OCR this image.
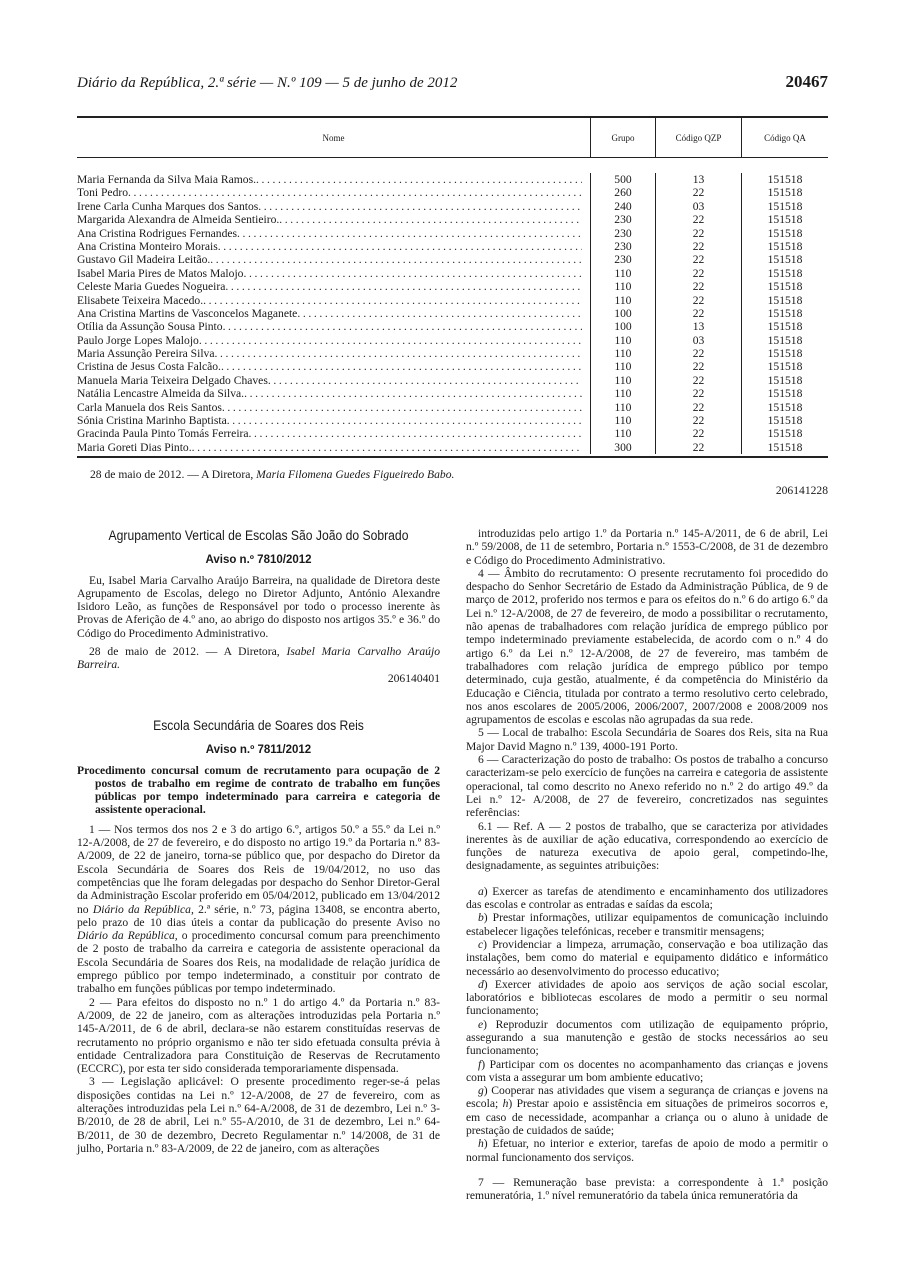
Diário da República, 2.ª série — N.º 109 — 5 de junho de 2012	20467
Nome	Grupo	Código QZP	Código QA
Maria Fernanda da Silva Maia Ramos. .....	500	13	151518
Toni Pedro .....	260	22	151518
Irene Carla Cunha Marques dos Santos .....	240	03	151518
Margarida Alexandra de Almeida Sentieiro. .....	230	22	151518
Ana Cristina Rodrigues Fernandes .....	230	22	151518
Ana Cristina Monteiro Morais .....	230	22	151518
Gustavo Gil Madeira Leitão. .....	230	22	151518
Isabel Maria Pires de Matos Malojo .....	110	22	151518
Celeste Maria Guedes Nogueira .....	110	22	151518
Elisabete Teixeira Macedo. .....	110	22	151518
Ana Cristina Martins de Vasconcelos Maganete .....	100	22	151518
Otília da Assunção Sousa Pinto .....	100	13	151518
Paulo Jorge Lopes Malojo .....	110	03	151518
Maria Assunção Pereira Silva .....	110	22	151518
Cristina de Jesus Costa Falcão. .....	110	22	151518
Manuela Maria Teixeira Delgado Chaves .....	110	22	151518
Natália Lencastre Almeida da Silva. .....	110	22	151518
Carla Manuela dos Reis Santos .....	110	22	151518
Sónia Cristina Marinho Baptista .....	110	22	151518
Gracinda Paula Pinto Tomás Ferreira .....	110	22	151518
Maria Goreti Dias Pinto. .....	300	22	151518
28 de maio de 2012. — A Diretora, Maria Filomena Guedes Figueiredo Babo.
206141228
Agrupamento Vertical de Escolas São João do Sobrado
Aviso n.º 7810/2012

Eu, Isabel Maria Carvalho Araújo Barreira, na qualidade de Diretora deste Agrupamento de Escolas, delego no Diretor Adjunto, António Alexandre Isidoro Leão, as funções de Responsável por todo o processo inerente às Provas de Aferição de 4.º ano, ao abrigo do disposto nos artigos 35.º e 36.º do Código do Procedimento Administrativo.

28 de maio de 2012. — A Diretora, Isabel Maria Carvalho Araújo Barreira.

206140401

Escola Secundária de Soares dos Reis
Aviso n.º 7811/2012

Procedimento concursal comum de recrutamento para ocupação de 2 postos de trabalho em regime de contrato de trabalho em funções públicas por tempo indeterminado para carreira e categoria de assistente operacional.

1 — Nos termos dos nos 2 e 3 do artigo 6.º, artigos 50.º a 55.º da Lei n.º 12-A/2008, de 27 de fevereiro, e do disposto no artigo 19.º da Portaria n.º 83-A/2009, de 22 de janeiro, torna-se público que, por despacho do Diretor da Escola Secundária de Soares dos Reis de 19/04/2012, no uso das competências que lhe foram delegadas por despacho do Senhor Diretor-Geral da Administração Escolar proferido em 05/04/2012, publicado em 13/04/2012 no Diário da República, 2.ª série, n.º 73, página 13408, se encontra aberto, pelo prazo de 10 dias úteis a contar da publicação do presente Aviso no Diário da República, o procedimento concursal comum para preenchimento de 2 posto de trabalho da carreira e categoria de assistente operacional da Escola Secundária de Soares dos Reis, na modalidade de relação jurídica de emprego público por tempo indeterminado, a constituir por contrato de trabalho em funções públicas por tempo indeterminado.

2 — Para efeitos do disposto no n.º 1 do artigo 4.º da Portaria n.º 83-A/2009, de 22 de janeiro, com as alterações introduzidas pela Portaria n.º 145-A/2011, de 6 de abril, declara-se não estarem constituídas reservas de recrutamento no próprio organismo e não ter sido efetuada consulta prévia à entidade Centralizadora para Constituição de Reservas de Recrutamento (ECCRC), por esta ter sido considerada temporariamente dispensada.

3 — Legislação aplicável: O presente procedimento reger-se-á pelas disposições contidas na Lei n.º 12-A/2008, de 27 de fevereiro, com as alterações introduzidas pela Lei n.º 64-A/2008, de 31 de dezembro, Lei n.º 3-B/2010, de 28 de abril, Lei n.º 55-A/2010, de 31 de dezembro, Lei n.º 64-B/2011, de 30 de dezembro, Decreto Regulamentar n.º 14/2008, de 31 de julho, Portaria n.º 83-A/2009, de 22 de janeiro, com as alterações

introduzidas pelo artigo 1.º da Portaria n.º 145-A/2011, de 6 de abril, Lei n.º 59/2008, de 11 de setembro, Portaria n.º 1553-C/2008, de 31 de dezembro e Código do Procedimento Administrativo.

4 — Âmbito do recrutamento: O presente recrutamento foi procedido do despacho do Senhor Secretário de Estado da Administração Pública, de 9 de março de 2012, proferido nos termos e para os efeitos do n.º 6 do artigo 6.º da Lei n.º 12-A/2008, de 27 de fevereiro, de modo a possibilitar o recrutamento, não apenas de trabalhadores com relação jurídica de emprego público por tempo indeterminado previamente estabelecida, de acordo com o n.º 4 do artigo 6.º da Lei n.º 12-A/2008, de 27 de fevereiro, mas também de trabalhadores com relação jurídica de emprego público por tempo determinado, cuja gestão, atualmente, é da competência do Ministério da Educação e Ciência, titulada por contrato a termo resolutivo certo celebrado, nos anos escolares de 2005/2006, 2006/2007, 2007/2008 e 2008/2009 nos agrupamentos de escolas e escolas não agrupadas da sua rede.

5 — Local de trabalho: Escola Secundária de Soares dos Reis, sita na Rua Major David Magno n.º 139, 4000-191 Porto.

6 — Caracterização do posto de trabalho: Os postos de trabalho a concurso caracterizam-se pelo exercício de funções na carreira e categoria de assistente operacional, tal como descrito no Anexo referido no n.º 2 do artigo 49.º da Lei n.º 12- A/2008, de 27 de fevereiro, concretizados nas seguintes referências:

6.1 — Ref. A — 2 postos de trabalho, que se caracteriza por atividades inerentes às de auxiliar de ação educativa, correspondendo ao exercício de funções de natureza executiva de apoio geral, competindo-lhe, designadamente, as seguintes atribuições:

a) Exercer as tarefas de atendimento e encaminhamento dos utilizadores das escolas e controlar as entradas e saídas da escola;

b) Prestar informações, utilizar equipamentos de comunicação incluindo estabelecer ligações telefónicas, receber e transmitir mensagens;

c) Providenciar a limpeza, arrumação, conservação e boa utilização das instalações, bem como do material e equipamento didático e informático necessário ao desenvolvimento do processo educativo;

d) Exercer atividades de apoio aos serviços de ação social escolar, laboratórios e bibliotecas escolares de modo a permitir o seu normal funcionamento;

e) Reproduzir documentos com utilização de equipamento próprio, assegurando a sua manutenção e gestão de stocks necessários ao seu funcionamento;

f) Participar com os docentes no acompanhamento das crianças e jovens com vista a assegurar um bom ambiente educativo;

g) Cooperar nas atividades que visem a segurança de crianças e jovens na escola; h) Prestar apoio e assistência em situações de primeiros socorros e, em caso de necessidade, acompanhar a criança ou o aluno à unidade de prestação de cuidados de saúde;

h) Efetuar, no interior e exterior, tarefas de apoio de modo a permitir o normal funcionamento dos serviços.

7 — Remuneração base prevista: a correspondente à 1.ª posição remuneratória, 1.º nível remuneratório da tabela única remuneratória da
